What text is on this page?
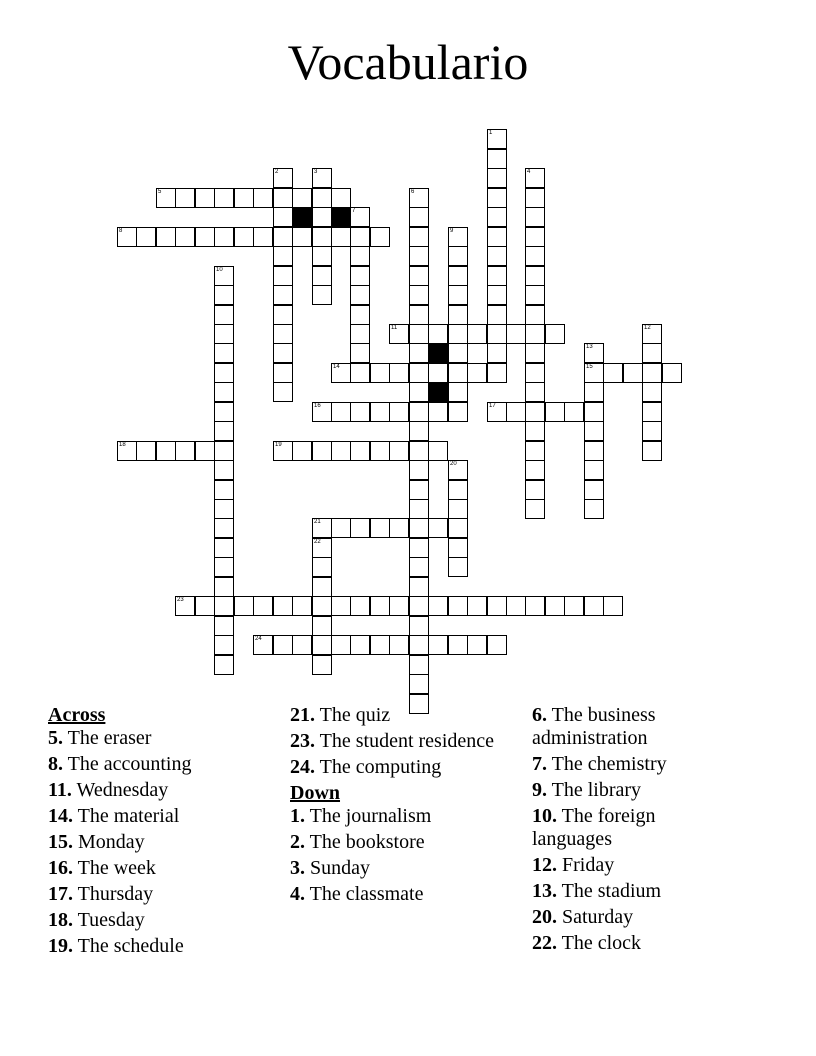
Vocabulario
5
8
11
14	15
16	17
18	19
21
23
24
1
2	3	4
6
7
9
10
12
13
20
22
Across
5. The eraser
8. The accounting
11. Wednesday
14. The material
15. Monday
16. The week
17. Thursday
18. Tuesday
19. The schedule
21. The quiz
23. The student residence
24. The computing
Down
1. The journalism
2. The bookstore
3. Sunday
4. The classmate
6. The business administration
7. The chemistry
9. The library
10. The foreign languages
12. Friday
13. The stadium
20. Saturday
22. The clock
